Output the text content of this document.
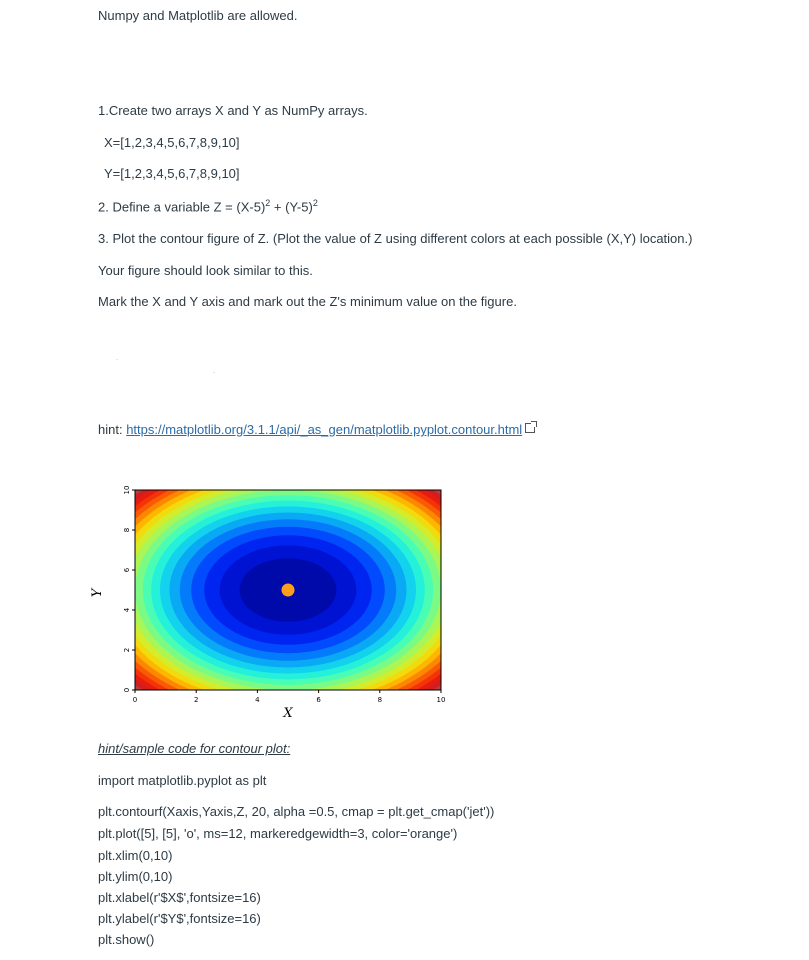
Numpy and Matplotlib are allowed.
1.Create two arrays X and Y as NumPy arrays.
X=[1,2,3,4,5,6,7,8,9,10]
Y=[1,2,3,4,5,6,7,8,9,10]
2. Define a variable $Z = (X-5)^2 + (Y-5)^2$
3. Plot the contour figure of Z. (Plot the value of Z using different colors at each possible (X,Y) location.)
Your figure should look similar to this.
Mark the X and Y axis and mark out the Z's minimum value on the figure.
hint: https://matplotlib.org/3.1.1/api/_as_gen/matplotlib.pyplot.contour.html
0	2	4	6	8	10
0
2
4
6
8
10
X
Y
hint/sample code for contour plot:
import matplotlib.pyplot as plt
plt.contourf(Xaxis,Yaxis,Z, 20, alpha =0.5, cmap = plt.get_cmap('jet'))
plt.plot([5], [5], 'o', ms=12, markeredgewidth=3, color='orange')
plt.xlim(0,10)
plt.ylim(0,10)
plt.xlabel(r'$X$',fontsize=16)
plt.ylabel(r'$Y$',fontsize=16)
plt.show()
